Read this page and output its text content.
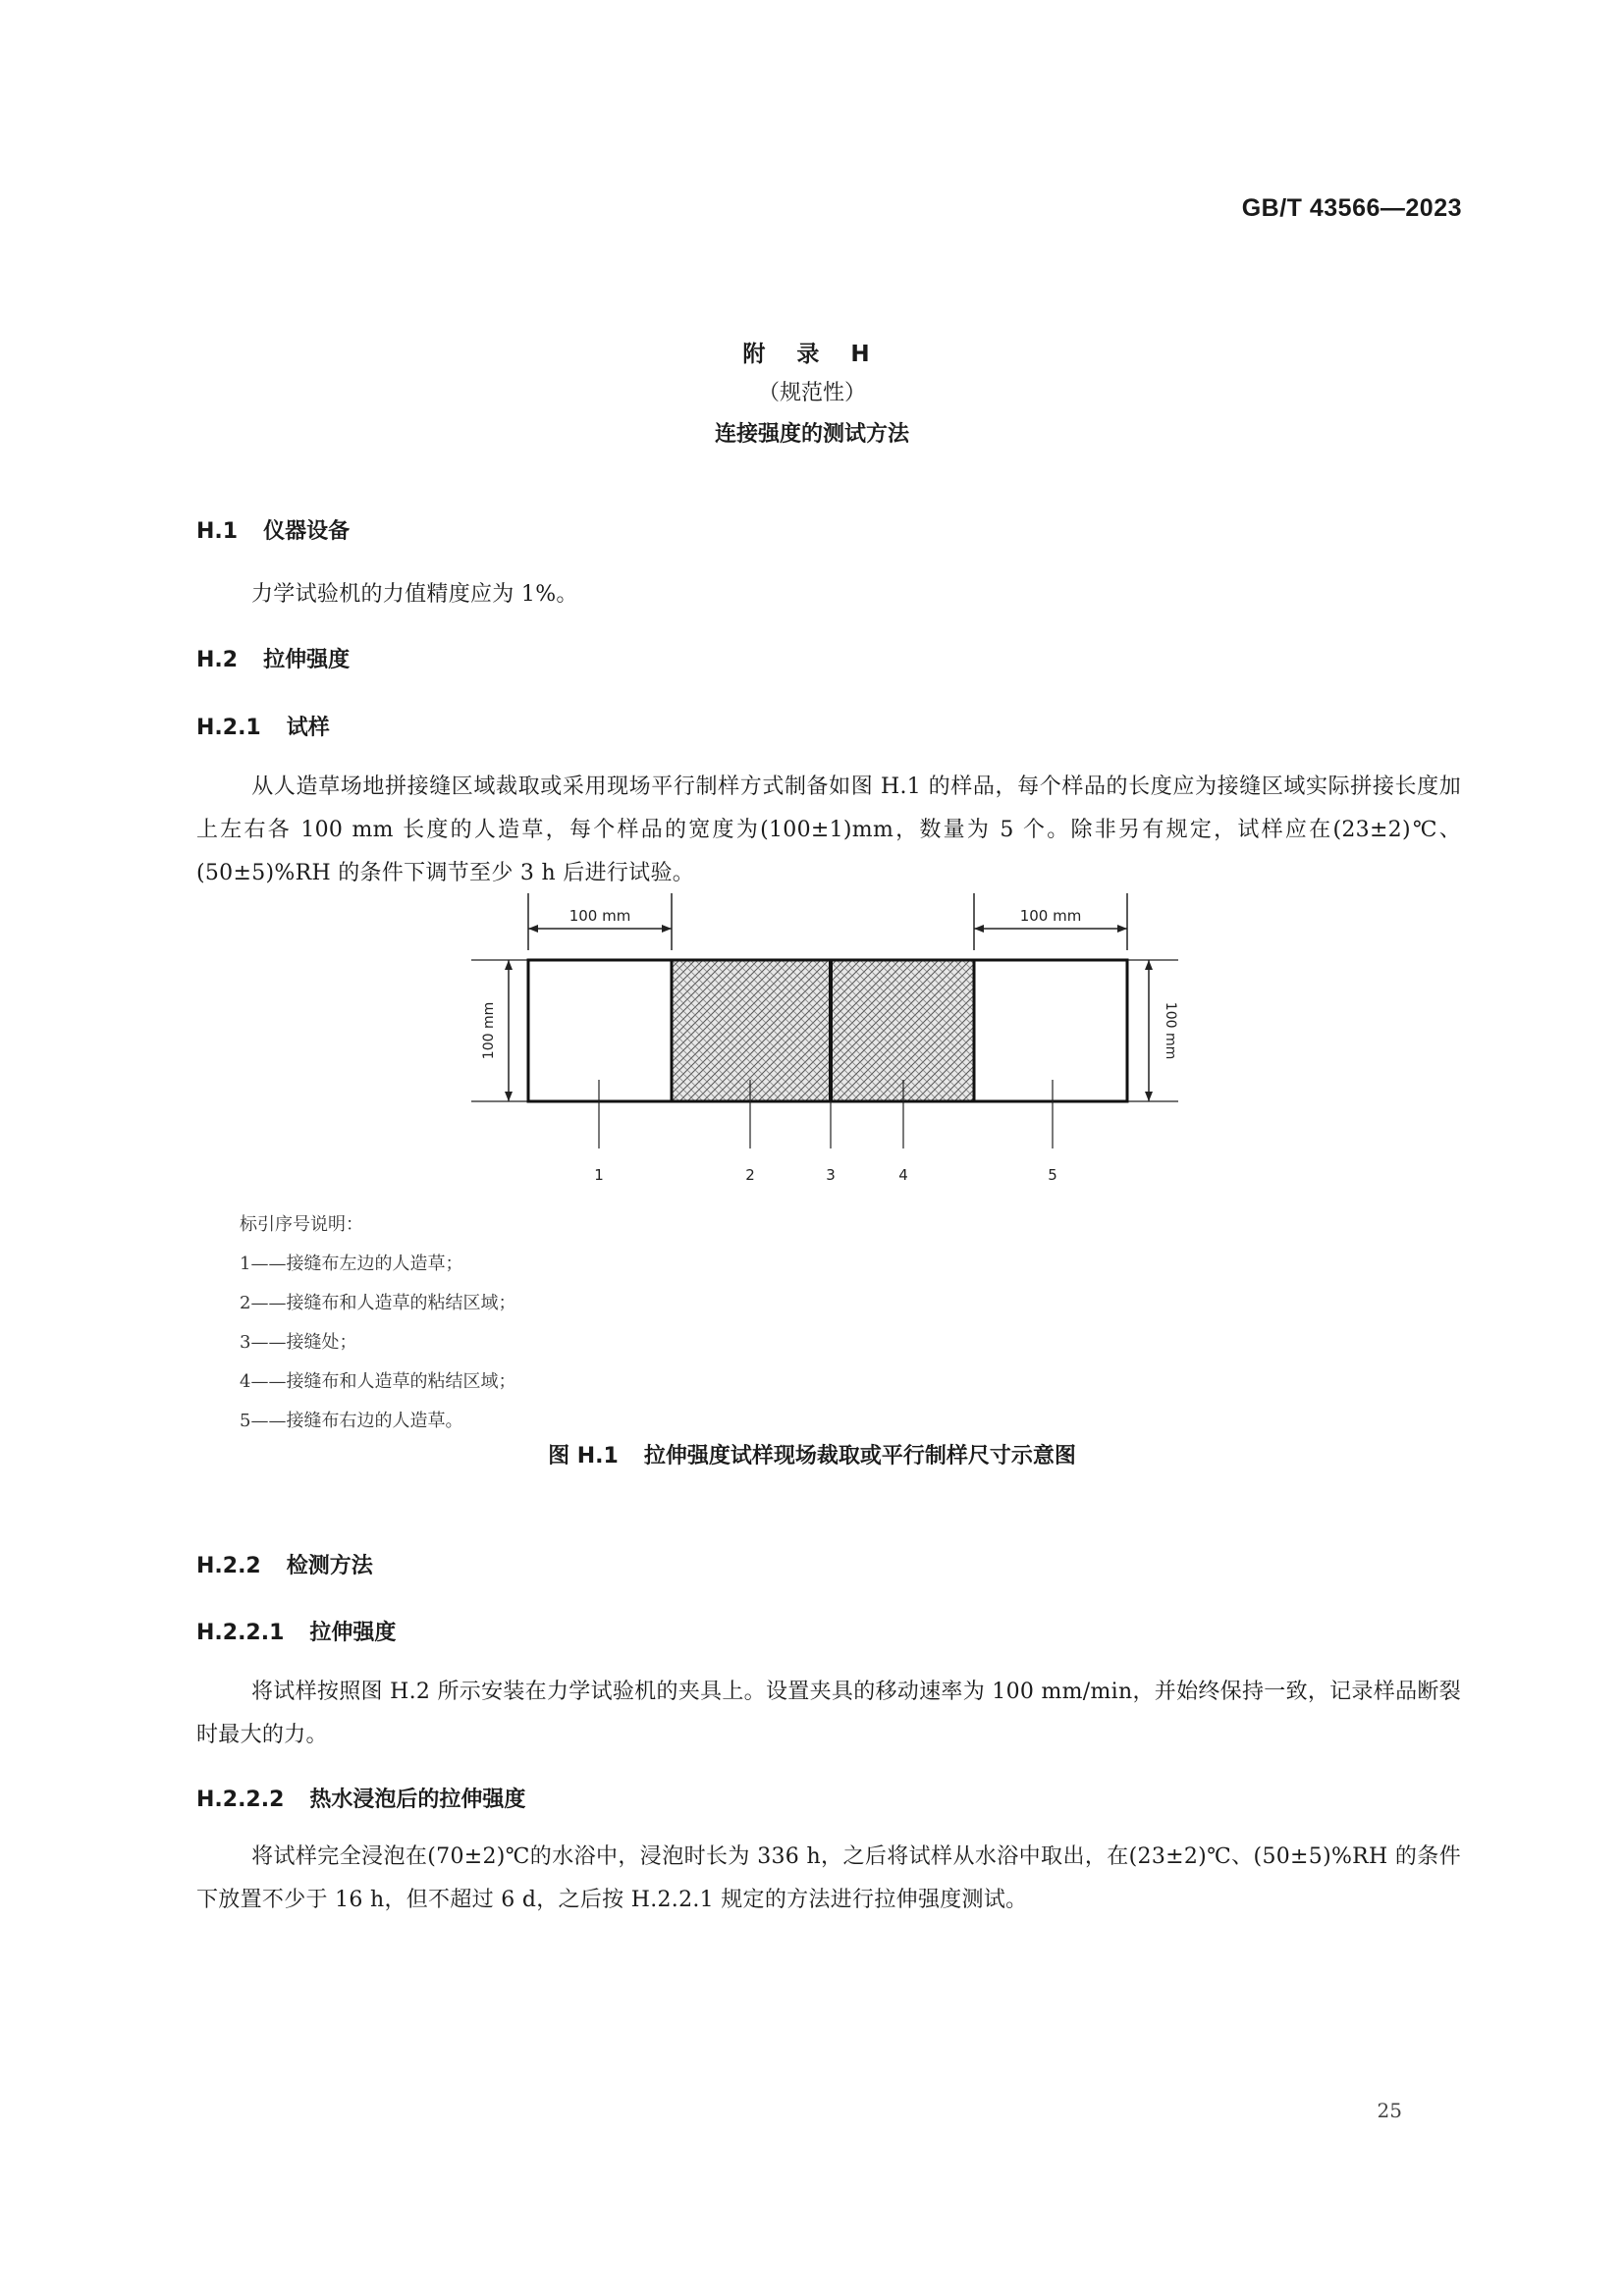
GB/T 43566—2023
附 录 H
（规范性）
连接强度的测试方法
H.1 仪器设备
力学试验机的力值精度应为 1%。
H.2 拉伸强度
H.2.1 试样
从人造草场地拼接缝区域裁取或采用现场平行制样方式制备如图 H.1 的样品，每个样品的长度应为接缝区域实际拼接长度加上左右各 100 mm 长度的人造草，每个样品的宽度为(100±1)mm，数量为 5 个。除非另有规定，试样应在(23±2)℃、(50±5)%RH 的条件下调节至少 3 h 后进行试验。
100 mm	100 mm
100 mm	100 mm
1	2	3	4	5
标引序号说明：
1——接缝布左边的人造草；
2——接缝布和人造草的粘结区域；
3——接缝处；
4——接缝布和人造草的粘结区域；
5——接缝布右边的人造草。
图 H.1 拉伸强度试样现场裁取或平行制样尺寸示意图
H.2.2 检测方法
H.2.2.1 拉伸强度
将试样按照图 H.2 所示安装在力学试验机的夹具上。设置夹具的移动速率为 100 mm/min，并始终保持一致，记录样品断裂时最大的力。
H.2.2.2 热水浸泡后的拉伸强度
将试样完全浸泡在(70±2)℃的水浴中，浸泡时长为 336 h，之后将试样从水浴中取出，在(23±2)℃、(50±5)%RH 的条件下放置不少于 16 h，但不超过 6 d，之后按 H.2.2.1 规定的方法进行拉伸强度测试。
25
